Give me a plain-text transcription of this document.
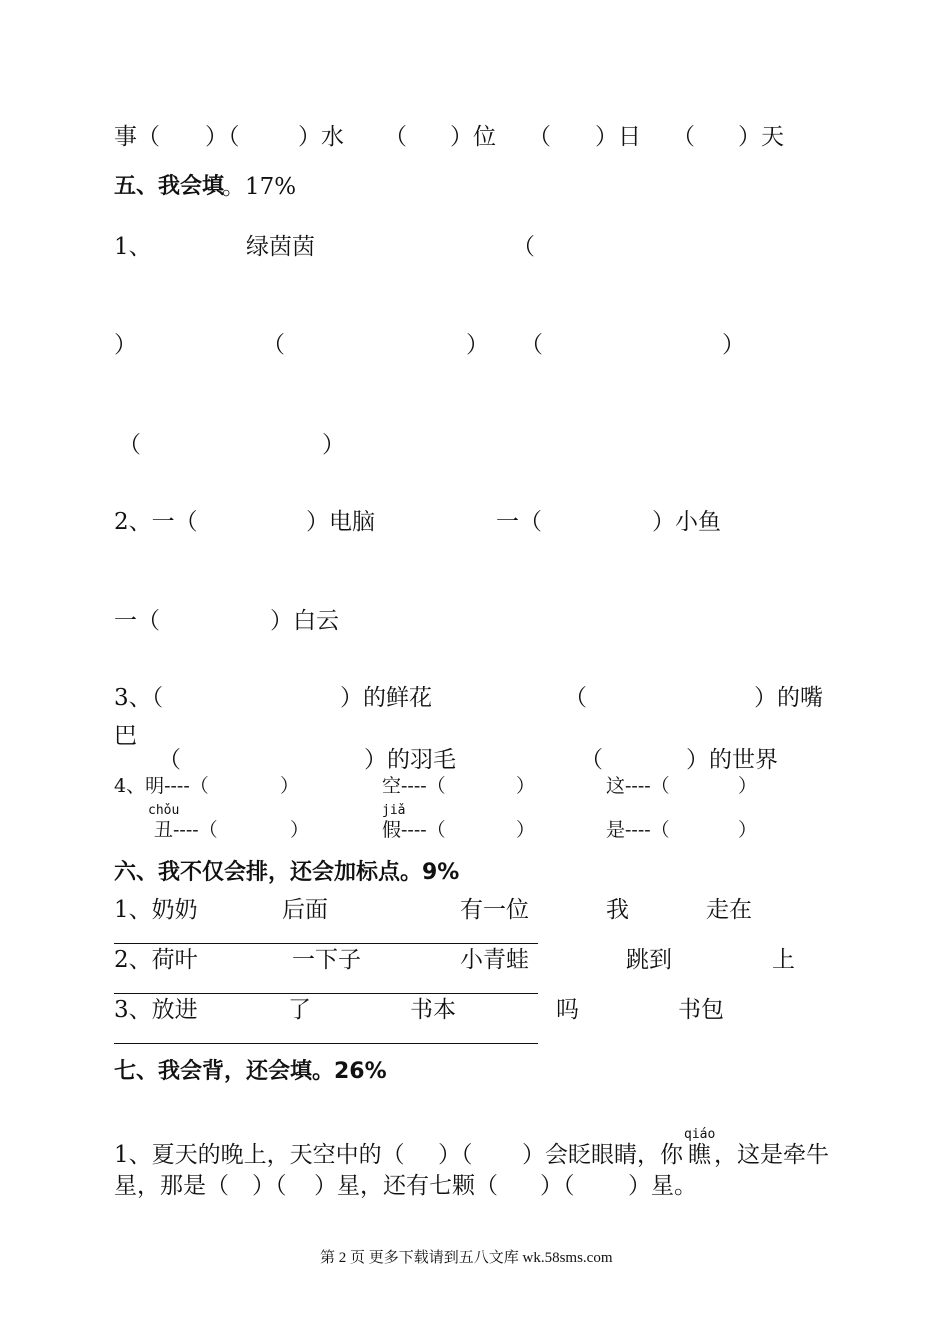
事（ ）（	）水 （ ）位 （ ）日 （ ）天
五、我会填
。17%
1、	绿茵茵	（
）	（	） （	）
（	）
2、一（	）电脑	一（	）小鱼
一（	）白云
3、（	）的鲜花	（	）的嘴
巴
（	）的羽毛	（	）的世界
4、明----（	）	空----（	）	这----（	）
chǒu	jiǎ
丑----（	）	假----（	）	是----（	）
六、我不仅会排，还会加标点。9%
1、奶奶	后面	有一位	我	走在
2、荷叶	一下子	小青蛙	跳到	上
3、放进	了	书本	吗	书包
七、我会背，还会填。26%
qiáo
1、夏天的晚上，天空中的（ ）（ ）会眨眼睛，你 瞧 ，这是牵牛
星，那是（ ）（ ）星，还有七颗（ ）（ ）星。
第 2 页 更多下载请到五八文库 wk.58sms.com
